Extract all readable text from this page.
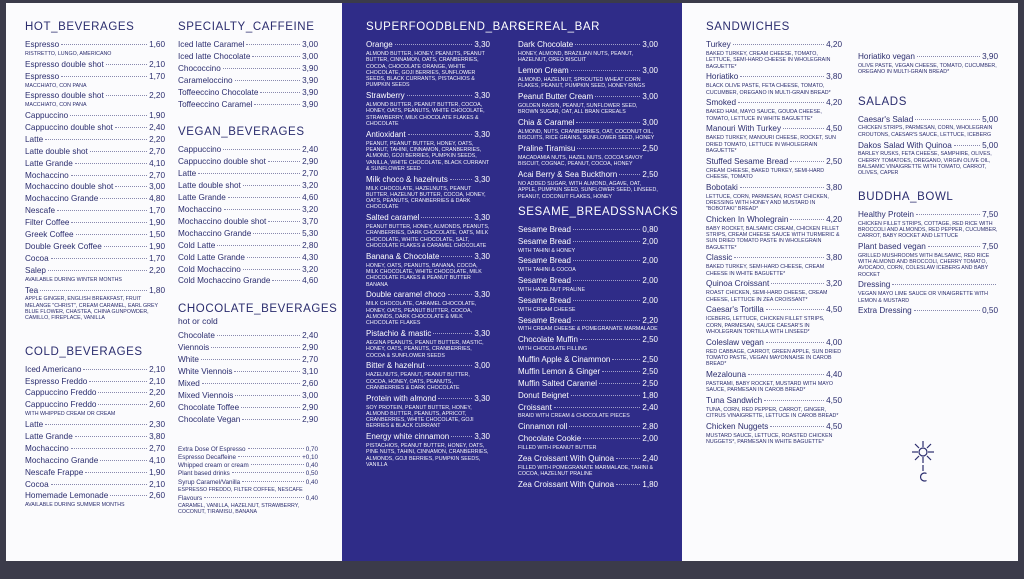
HOT_BEVERAGES
Espresso	1,60
RISTRETTO, LUNGO, AMERICANO
Espresso double shot	2,10
Espresso	1,70
MACCHIATO, CON PANA
Espresso double shot	2,20
MACCHIATO, CON PANA
Cappuccino	1,90
Cappuccino double shot	2,40
Latte	2,20
Latte double shot	2,70
Latte Grande	4,10
Mochaccino	2,70
Mochaccino double shot	3,00
Mochaccino Grande	4,80
Nescafe	1,70
Filter Coffee	1,90
Greek Coffee	1,50
Double Greek Coffee	1,90
Cocoa	1,70
Salep	2,20
AVAILABLE DURING WINTER MONTHS
Tea	1,80
APPLE GINGER, ENGLISH BREAKFAST, FRUIT MELANGE "CHRIST", CREAM CARAMEL, EARL GREY BLUE FLOWER, CHASTEA, CHINA GUNPOWDER, CAMILLO, FIREPLACE, VANILLA
COLD_BEVERAGES
Iced Americano	2,10
Espresso Freddo	2,10
Cappuccino Freddo	2,20
Cappuccino Freddo	2,60
WITH WHIPPED CREAM OR CREAM
Latte	2,30
Latte Grande	3,80
Mochaccino	2,70
Mochaccino Grande	4,10
Nescafe Frappe	1,90
Cocoa	2,10
Homemade Lemonade	2,60
AVAILABLE DURING SUMMER MONTHS
SPECIALTY_CAFFEINE
Iced latte Caramel	3,00
Iced latte Chocolate	3,00
Chococcino	3,90
Carameloccino	3,90
Toffeeccino Chocolate	3,90
Toffeeccino Caramel	3,90
VEGAN_BEVERAGES
Cappuccino	2,40
Cappuccino double shot	2,90
Latte	2,70
Latte double shot	3,20
Latte Grande	4,60
Mochaccino	3,20
Mochaccino double shot	3,70
Mochaccino Grande	5,30
Cold Latte	2,80
Cold Latte Grande	4,30
Cold Mochaccino	3,20
Cold Mochaccino Grande	4,60
CHOCOLATE_BEVERAGES
hot or cold
Chocolate	2,40
Viennois	2,90
White	2,70
White Viennois	3,10
Mixed	2,60
Mixed Viennois	3,00
Chocolate Toffee	2,90
Chocolate Vegan	2,90
Extra Dose Of Espresso	0,70
Espresso Decaffeine	+0,10
Whipped cream or cream	0,40
Plant based drinks	0,50
Syrup Caramel/Vanilla	0,40
ESPRESSO FREDDO, FILTER COFFEE, NESCAFE
Flavours	0,40
CARAMEL, VANILLA, HAZELNUT, STRAWBERRY, COCONUT, TIRAMISU, BANANA
SUPERFOODBLEND_BARS
Orange	3,30
ALMOND BUTTER, HONEY, PEANUTS, PEANUT BUTTER, CINNAMON, OATS, CRANBERRIES, COCOA, CHOCOLATE ORANGE, WHITE CHOCOLATE, GOJI BERRIES, SUNFLOWER SEEDS, BLACK CURRANTS, PISTACHIOS & PUMPKIN SEEDS
Strawberry	3,30
ALMOND BUTTER, PEANUT BUTTER, COCOA, HONEY, OATS, PEANUTS, WHITE CHOCOLATE, STRAWBERRY, MILK CHOCOLATE FLAKES & CHOCOLATE
Antioxidant	3,30
PEANUT, PEANUT BUTTER, HONEY, OATS, PEANUT, TAHINI, CINNAMON, CRANBERRIES, ALMOND, GOJI BERRIES, PUMPKIN SEEDS, VANILLA, WHITE CHOCOLATE, BLACK CURRANT & SUNFLOWER SEED
Milk choco & hazelnuts	3,30
MILK CHOCOLATE, HAZELNUTS, PEANUT BUTTER, HAZELNUT BUTTER, COCOA, HONEY, OATS, PEANUTS, CRANBERRIES & DARK CHOCOLATE
Salted caramel	3,30
PEANUT BUTTER, HONEY, ALMONDS, PEANUTS, CRANBERRIES, DARK CHOCOLATE, OATS, MILK CHOCOLATE, WHITE CHOCOLATE, SALT, CHOCOLATE FLAKES & CARAMEL CHOCOLATE
Banana & Chocolate	3,30
HONEY, OATS, PEANUTS, BANANA, COCOA, MILK CHOCOLATE, WHITE CHOCOLATE, MILK CHOCOLATE FLAKES & PEANUT BUTTER BANANA
Double caramel choco	3,30
MILK CHOCOLATE, CARAMEL CHOCOLATE, HONEY, OATS, PEANUT BUTTER, COCOA, ALMONDS, DARK CHOCOLATE & MILK CHOCOLATE FLAKES
Pistachio & mastic	3,30
AEGINA PEANUTS, PEANUT BUTTER, MASTIC, HONEY, OATS, PEANUTS, CRANBERRIES, COCOA & SUNFLOWER SEEDS
Bitter & hazelnut	3,00
HAZELNUTS, PEANUT, PEANUT BUTTER, COCOA, HONEY, OATS, PEANUTS, CRANBERRIES & DARK CHOCOLATE
Protein with almond	3,30
SOY PROTEIN, PEANUT BUTTER, HONEY, ALMOND BUTTER, PEANUTS, APRICOT, CRANBERRIES, WHITE CHOCOLATE, GOJI BERRIES & BLACK CURRANT
Energy white cinnamon	3,30
PISTACHIOS, PEANUT BUTTER, HONEY, OATS, PINE NUTS, TAHINI, CINNAMON, CRANBERRIES, ALMONDS, GOJI BERRIES, PUMPKIN SEEDS, VANILLA
CEREAL_BAR
Dark Chocolate	3,00
HONEY, ALMOND, BRAZILIAN NUTS, PEANUT, HAZELNUT, OREO BISCUIT
Lemon Cream	3,00
ALMOND, HAZELNUT, SPROUTED WHEAT CORN FLAKES, PEANUT, PUMPKIN SEED, HONEY RINGS
Peanut Butter Cream	3,00
GOLDEN RAISIN, PEANUT, SUNFLOWER SEED, BROWN SUGAR, OAT, ALL BRAN CEREALS
Chia & Caramel	3,00
ALMOND, NUTS, CRANBERRIES, OAT, COCONUT OIL, BISCUITS, RICE GRAINS, SUNFLOWER SEED, HONEY
Praline Tiramisu	2,50
MACADAMIA NUTS, HAZEL NUTS, COCOA SAVOY BISCUIT, COGNAC, PEANUT, COCOA, HONEY
Acai Berry & Sea Buckthorn	2,50
NO ADDED SUGAR, WITH ALMOND, AGAVE, OAT, APPLE, PUMPKIN SEED, SUNFLOWER SEED, LINSEED, PEANUT, COCONUT FLAKES, HONEY
SESAME_BREADSSNACKS
Sesame Bread	0,80
Sesame Bread	2,00
WITH TAHINI & HONEY
Sesame Bread	2,00
WITH TAHINI & COCOA
Sesame Bread	2,00
WITH HAZELNUT PRALINE
Sesame Bread	2,00
WITH CREAM CHEESE
Sesame Bread	2,20
WITH CREAM CHEESE & POMEGRANATE MARMALADE
Chocolate Muffin	2,50
WITH CHOCOLATE FILLING
Muffin Apple & Cinammon	2,50
Muffin Lemon & Ginger	2,50
Muffin Salted Caramel	2,50
Donut Beignet	1,80
Croissant	2,40
BRAID WITH CREAM & CHOCOLATE PIECES
Cinnamon roll	2,80
Chocolate Cookie	2,00
FILLED WITH PEANUT BUTTER
Zea Croissant With Quinoa	2,40
FILLED WITH POMEGRANATE MARMALADE, TAHINI & COCOA, HAZELNUT PRALINE
Zea Croissant With Quinoa	1,80
SANDWICHES
Turkey	4,20
BAKED TURKEY, CREAM CHEESE, TOMATO, LETTUCE, SEMI-HARD CHEESE IN WHOLEGRAIN BAGUETTE*
Horiatiko	3,80
BLACK OLIVE PASTE, FETA CHEESE, TOMATO, CUCUMBER, OREGANO IN MULTI-GRAIN BREAD*
Smoked	4,20
BAKED HAM, MAYO SAUCE, GOUDA CHEESE, TOMATO, LETTUCE IN WHITE BAGUETTE*
Manouri With Turkey	4,50
BAKED TURKEY, MANOURI CHEESE, ROCKET, SUN DRIED TOMATO, LETTUCE IN WHOLEGRAIN BAGUETTE*
Stuffed Sesame Bread	2,50
CREAM CHEESE, BAKED TURKEY, SEMI-HARD CHEESE, TOMATO
Bobotaki	3,80
LETTUCE, CORN, PARMESAN, ROAST CHICKEN, DRESSING WITH HONEY AND MUSTARD IN "BOBOTAKI" BREAD*
Chicken In Wholegrain	4,20
BABY ROCKET, BALSAMIC CREAM, CHICKEN FILLET STRIPS, CREAM CHEESE SAUCE WITH TURMERIC & SUN DRIED TOMATO PASTE IN WHOLEGRAIN BAGUETTE*
Classic	3,80
BAKED TURKEY, SEMI-HARD CHEESE, CREAM CHEESE IN WHITE BAGUETTE*
Quinoa Croissant	3,20
ROAST CHICKEN, SEMI-HARD CHEESE, CREAM CHEESE, LETTUCE IN ZEA CROISSANT*
Caesar's Tortilla	4,50
ICEBERG, LETTUCE, CHICKEN FILLET STRIPS, CORN, PARMESAN, SAUCE CAESAR'S IN WHOLEGRAIN TORTILLA WITH LINSEED*
Coleslaw vegan	4,00
RED CABBAGE, CARROT, GREEN APPLE, SUN DRIED TOMATO PASTE, VEGAN MAYONNAISE IN CAROB BREAD*
Mezalouna	4,40
PASTRAMI, BABY ROCKET, MUSTARD WITH MAYO SAUCE, PARMESAN IN CAROB BREAD*
Tuna Sandwich	4,50
TUNA, CORN, RED PEPPER, CARROT, GINGER, CITRUS VINAIGRETTE, LETTUCE IN CAROB BREAD*
Chicken Nuggets	4,50
MUSTARD SAUCE, LETTUCE, ROASTED CHICKEN NUGGETS*, PARMESAN IN WHITE BAGUETTE*
Horiatiko vegan	3,90
OLIVE PASTE, VEGAN CHEESE, TOMATO, CUCUMBER, OREGANO IN MULTI-GRAIN BREAD*
SALADS
Caesar's Salad	5,00
CHICKEN STRIPS, PARMESAN, CORN, WHOLEGRAIN CROUTONS, CAESAR'S SAUCE, LETTUCE, ICEBERG
Dakos Salad With Quinoa	5,00
BARLEY RUSKS, FETA CHEESE, SAMPHIRE, OLIVES, CHERRY TOMATOES, OREGANO, VIRGIN OLIVE OIL, BALSAMIC VINAIGRETTE WITH TOMATO, CARROT, OLIVES, CAPER
BUDDHA_BOWL
Healthy Protein	7,50
CHICKEN FILLET STRIPS, COTTAGE, RED RICE WITH BROCCOLI AND ALMONDS, RED PEPPER, CUCUMBER, CARROT, BABY ROCKET AND LETTUCE
Plant based vegan	7,50
GRILLED MUSHROOMS WITH BALSAMIC, RED RICE WITH ALMOND AND BROCCOLI, CHERRY TOMATO, AVOCADO, CORN, COLESLAW ICEBERG AND BABY ROCKET
Dressing
VEGAN MAYO LIME SAUCE OR VINAIGRETTE WITH LEMON & MUSTARD
Extra Dressing	0,50
